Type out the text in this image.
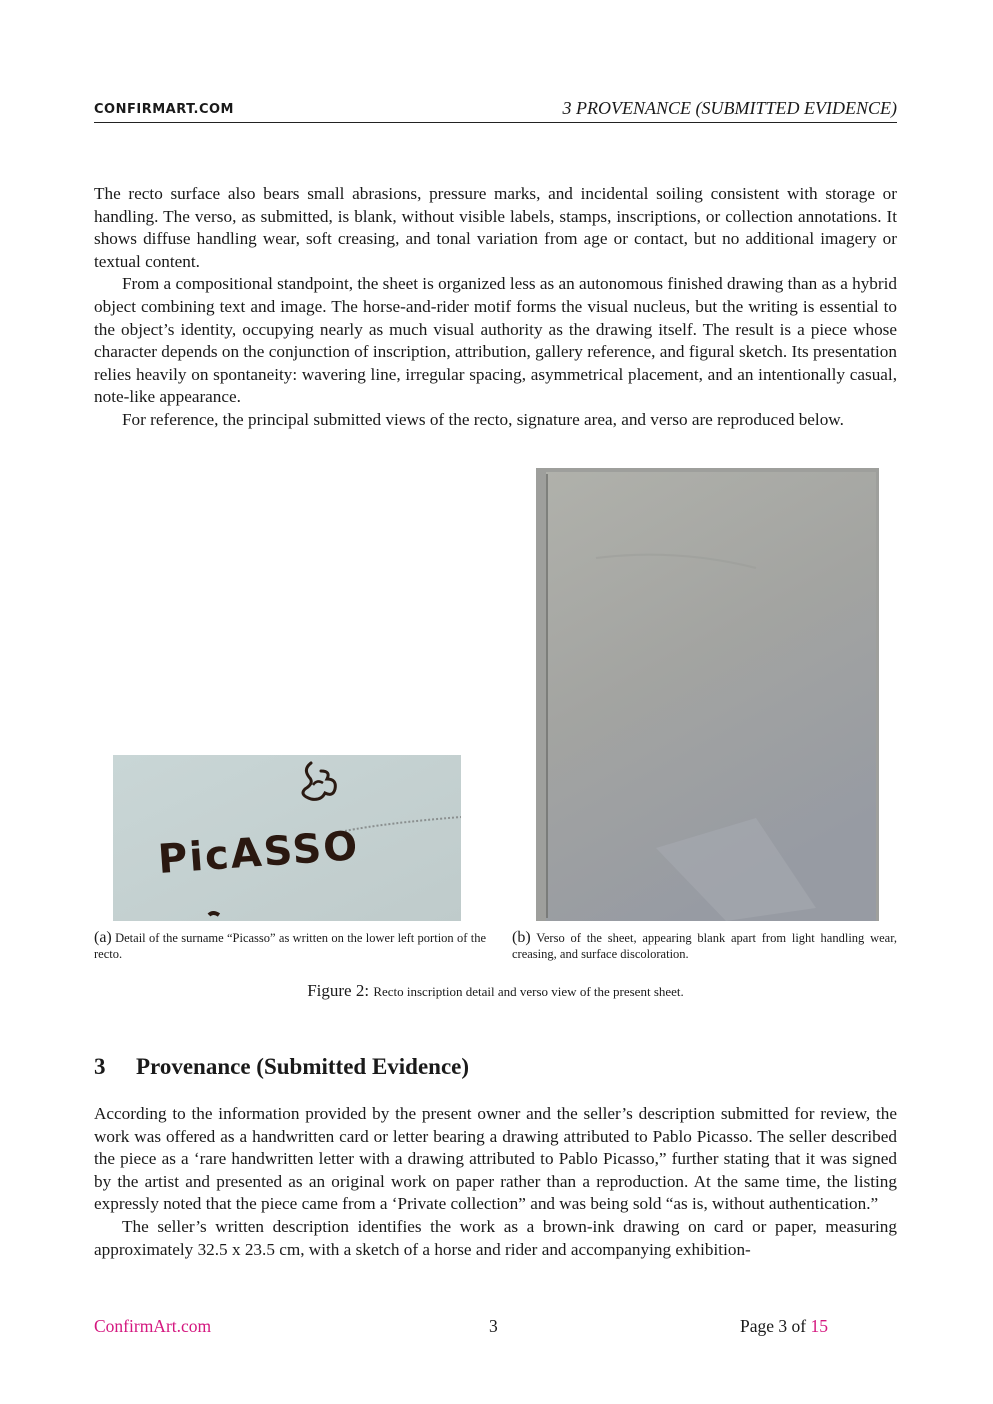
CONFIRMART.COM	3 PROVENANCE (SUBMITTED EVIDENCE)

The recto surface also bears small abrasions, pressure marks, and incidental soiling consistent with storage or handling. The verso, as submitted, is blank, without visible labels, stamps, inscriptions, or collection annotations. It shows diffuse handling wear, soft creasing, and tonal variation from age or contact, but no additional imagery or textual content.

From a compositional standpoint, the sheet is organized less as an autonomous finished drawing than as a hybrid object combining text and image. The horse-and-rider motif forms the visual nucleus, but the writing is essential to the object’s identity, occupying nearly as much visual authority as the drawing itself. The result is a piece whose character depends on the conjunction of inscription, attribution, gallery reference, and figural sketch. Its presentation relies heavily on spontaneity: wavering line, irregular spacing, asymmetrical placement, and an intentionally casual, note-like appearance.

For reference, the principal submitted views of the recto, signature area, and verso are reproduced below.

PicASSO
(a) Detail of the surname “Picasso” as written on the lower left portion of the recto.
(b) Verso of the sheet, appearing blank apart from light handling wear, creasing, and surface discoloration.
Figure 2: Recto inscription detail and verso view of the present sheet.
3 Provenance (Submitted Evidence)

According to the information provided by the present owner and the seller’s description submitted for review, the work was offered as a handwritten card or letter bearing a drawing attributed to Pablo Picasso. The seller described the piece as a ‘rare handwritten letter with a drawing attributed to Pablo Picasso,” further stating that it was signed by the artist and presented as an original work on paper rather than a reproduction. At the same time, the listing expressly noted that the piece came from a ‘Private collection” and was being sold “as is, without authentication.”

The seller’s written description identifies the work as a brown-ink drawing on card or paper, measuring approximately 32.5 x 23.5 cm, with a sketch of a horse and rider and accompanying exhibition-

ConfirmArt.com	3	Page 3 of 15
